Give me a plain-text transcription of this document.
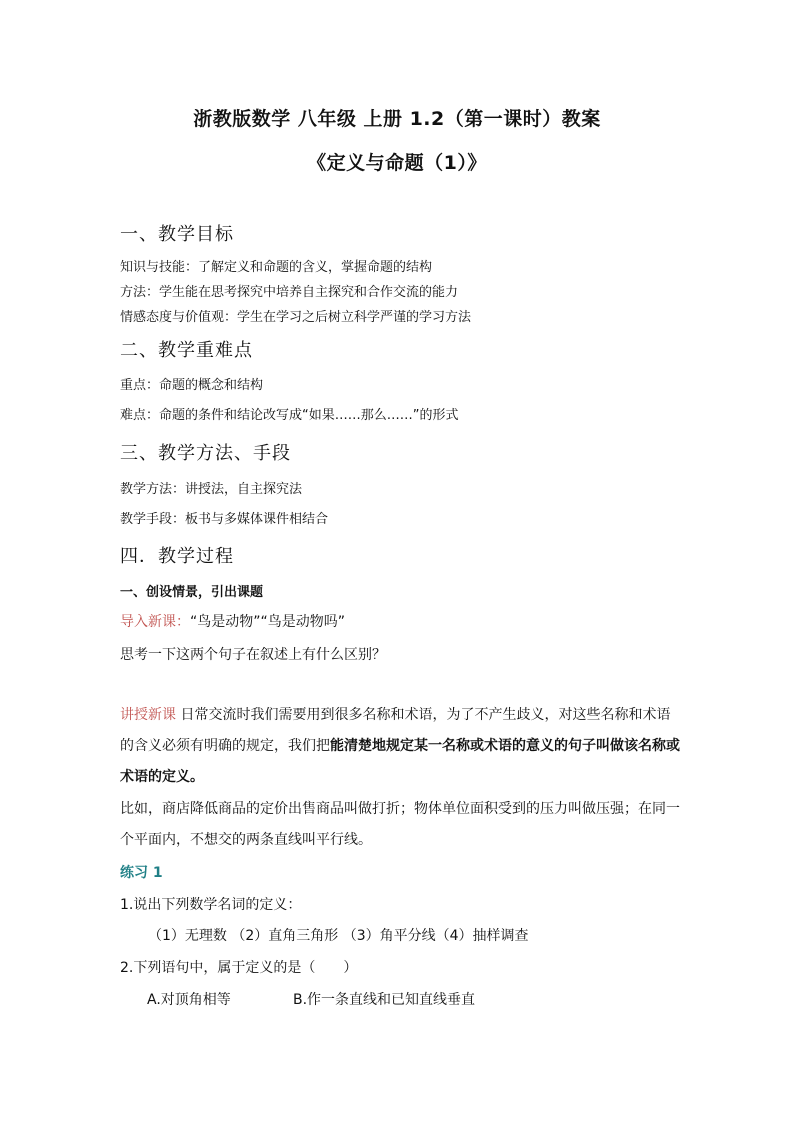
浙教版数学 八年级 上册 1.2（第一课时）教案
《定义与命题（1）》
一、教学目标
知识与技能：了解定义和命题的含义，掌握命题的结构
方法：学生能在思考探究中培养自主探究和合作交流的能力
情感态度与价值观：学生在学习之后树立科学严谨的学习方法
二、教学重难点
重点：命题的概念和结构
难点：命题的条件和结论改写成“如果……那么……”的形式
三、教学方法、手段
教学方法：讲授法，自主探究法
教学手段：板书与多媒体课件相结合
四．教学过程
一、创设情景，引出课题
导入新课：“鸟是动物”“鸟是动物吗”
思考一下这两个句子在叙述上有什么区别？
讲授新课 日常交流时我们需要用到很多名称和术语，为了不产生歧义，对这些名称和术语的含义必须有明确的规定，我们把能清楚地规定某一名称或术语的意义的句子叫做该名称或术语的定义。
比如，商店降低商品的定价出售商品叫做打折；物体单位面积受到的压力叫做压强；在同一个平面内，不想交的两条直线叫平行线。
练习 1
1.说出下列数学名词的定义：
（1）无理数 （2）直角三角形 （3）角平分线（4）抽样调查
2.下列语句中，属于定义的是（　　）
A.对顶角相等	B.作一条直线和已知直线垂直
